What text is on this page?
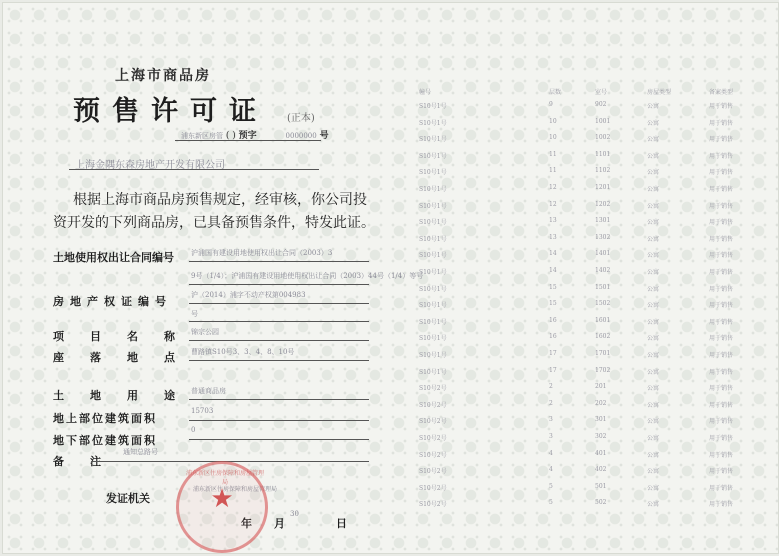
上海市商品房
预售许可证 (正本)
浦东新区房管 ( ) 预字	0000000 号
上海金隅东森房地产开发有限公司
根据上海市商品房预售规定，经审核，你公司投
资开发的下列商品房，已具备预售条件，特发此证。
土地使用权出让合同编号 沪浦国有建设用地使用权出让合同（2003）3
9号（1/4）；沪浦国有建设用地使用权出让合同（2003）44号（1/4）等号
房地产权证编号	沪（2014）浦字不动产权第004983
号
项目名称
锦宗公园
座落地点
曹路镇S10号3、3、4、8、10号
土地用途
普通商品房
地上部位建筑面积
15703
地下部位建筑面积
0
备注
通知总路号
发证机关
浦东新区住房保障和房屋管理局
年
30
月	日
浦东新区住房保障和房屋管理局
★
幢号	层数	室号	房屋类型	备案类型
S10号1号	9	902	公寓	用于销售
S10号1号	10	1001	公寓	用于销售
S10号1号	10	1002	公寓	用于销售
S10号1号	11	1101	公寓	用于销售
S10号1号	11	1102	公寓	用于销售
S10号1号	12	1201	公寓	用于销售
S10号1号	12	1202	公寓	用于销售
S10号1号	13	1301	公寓	用于销售
S10号1号	13	1302	公寓	用于销售
S10号1号	14	1401	公寓	用于销售
S10号1号	14	1402	公寓	用于销售
S10号1号	15	1501	公寓	用于销售
S10号1号	15	1502	公寓	用于销售
S10号1号	16	1601	公寓	用于销售
S10号1号	16	1602	公寓	用于销售
S10号1号	17	1701	公寓	用于销售
S10号1号	17	1702	公寓	用于销售
S10号2号	2	201	公寓	用于销售
S10号2号	2	202	公寓	用于销售
S10号2号	3	301	公寓	用于销售
S10号2号	3	302	公寓	用于销售
S10号2号	4	401	公寓	用于销售
S10号2号	4	402	公寓	用于销售
S10号2号	5	501	公寓	用于销售
S10号2号	5	502	公寓	用于销售
